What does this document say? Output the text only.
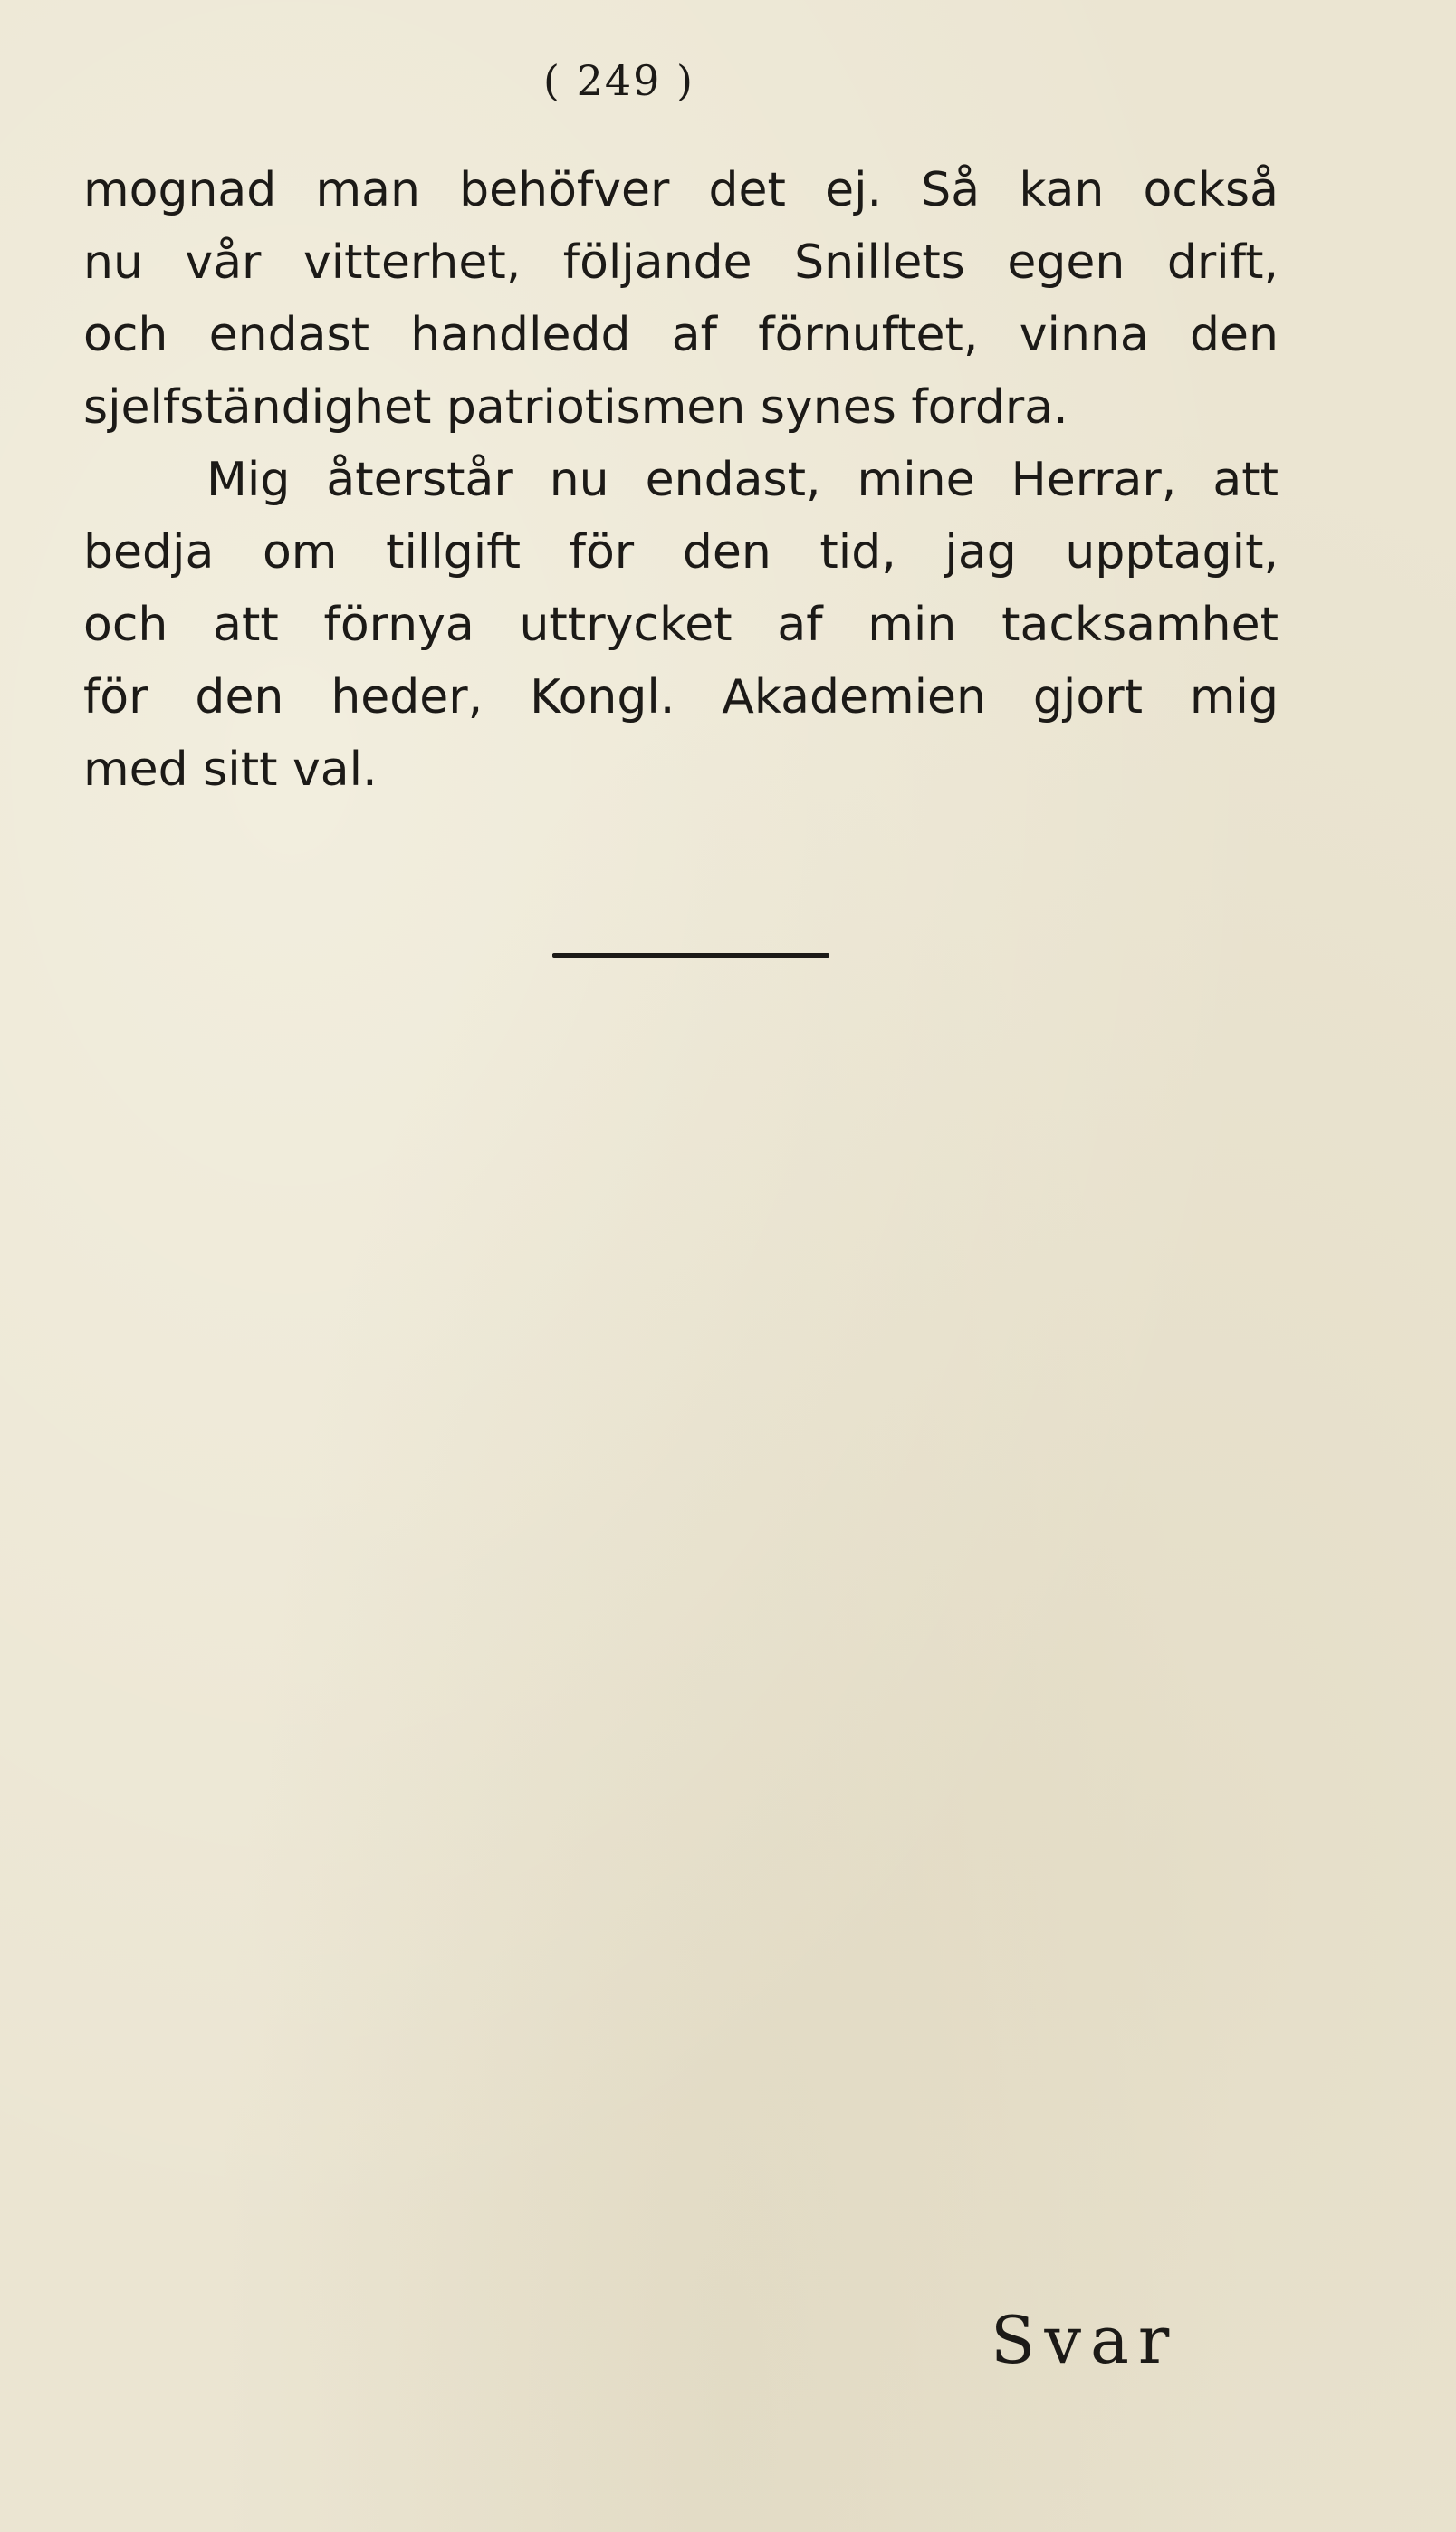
( 249 )
mognad man behöfver det ej. Så kan också
nu vår vitterhet, följande Snillets egen drift,
och endast handledd af förnuftet, vinna den
sjelfständighet patriotismen synes fordra.
Mig återstår nu endast, mine Herrar, att
bedja om tillgift för den tid, jag upptagit,
och att förnya uttrycket af min tacksamhet
för den heder, Kongl. Akademien gjort mig
med sitt val.
Svar
